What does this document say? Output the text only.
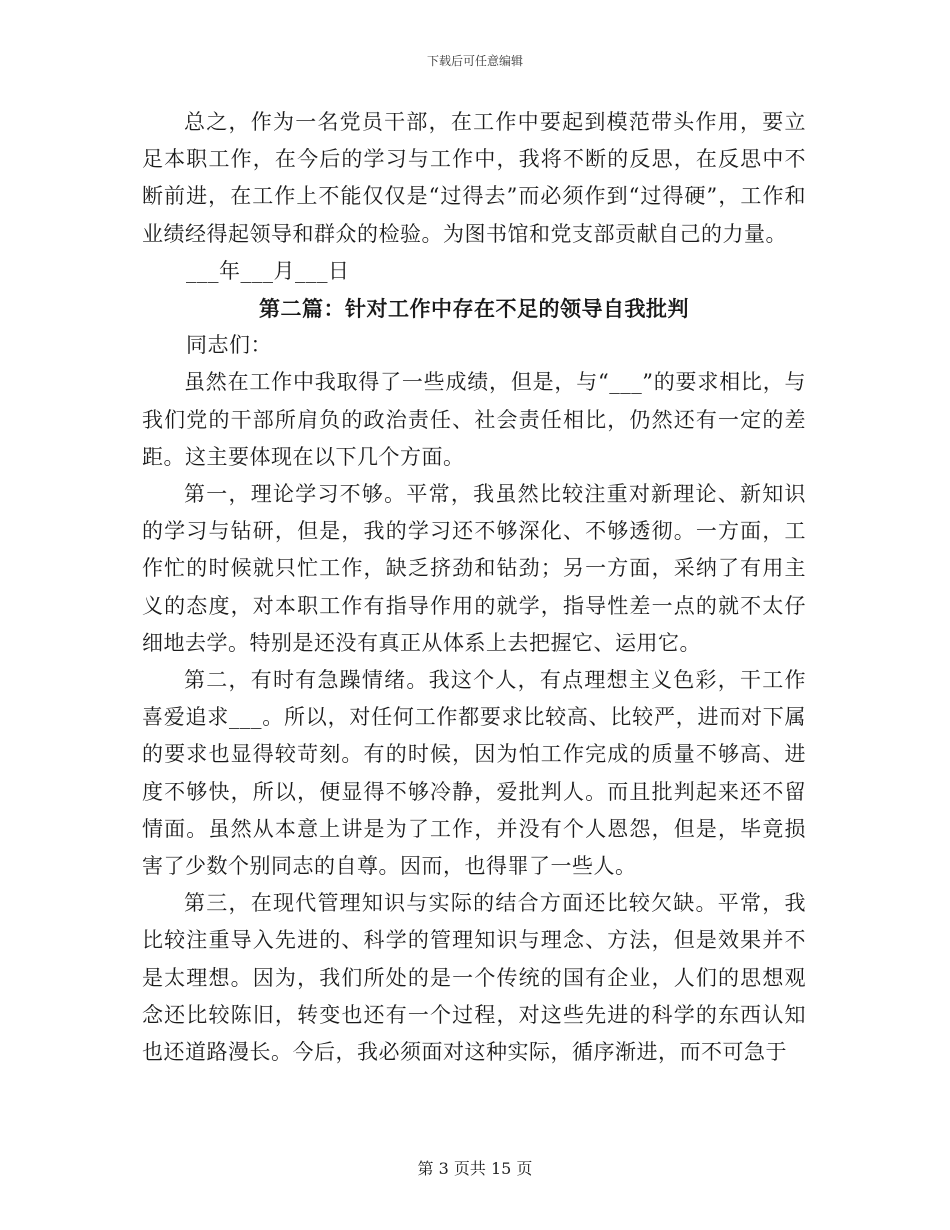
下载后可任意编辑

总之，作为一名党员干部，在工作中要起到模范带头作用，要立足本职工作，在今后的学习与工作中，我将不断的反思，在反思中不断前进，在工作上不能仅仅是“过得去”而必须作到“过得硬”，工作和业绩经得起领导和群众的检验。为图书馆和党支部贡献自己的力量。

___年___月___日

第二篇：针对工作中存在不足的领导自我批判

同志们：

虽然在工作中我取得了一些成绩，但是，与“___”的要求相比，与我们党的干部所肩负的政治责任、社会责任相比，仍然还有一定的差距。这主要体现在以下几个方面。

第一，理论学习不够。平常，我虽然比较注重对新理论、新知识的学习与钻研，但是，我的学习还不够深化、不够透彻。一方面，工作忙的时候就只忙工作，缺乏挤劲和钻劲；另一方面，采纳了有用主义的态度，对本职工作有指导作用的就学，指导性差一点的就不太仔细地去学。特别是还没有真正从体系上去把握它、运用它。

第二，有时有急躁情绪。我这个人，有点理想主义色彩，干工作喜爱追求___。所以，对任何工作都要求比较高、比较严，进而对下属的要求也显得较苛刻。有的时候，因为怕工作完成的质量不够高、进度不够快，所以，便显得不够冷静，爱批判人。而且批判起来还不留情面。虽然从本意上讲是为了工作，并没有个人恩怨，但是，毕竟损害了少数个别同志的自尊。因而，也得罪了一些人。

第三，在现代管理知识与实际的结合方面还比较欠缺。平常，我比较注重导入先进的、科学的管理知识与理念、方法，但是效果并不是太理想。因为，我们所处的是一个传统的国有企业，人们的思想观念还比较陈旧，转变也还有一个过程，对这些先进的科学的东西认知也还道路漫长。今后，我必须面对这种实际，循序渐进，而不可急于

第 3 页共 15 页
